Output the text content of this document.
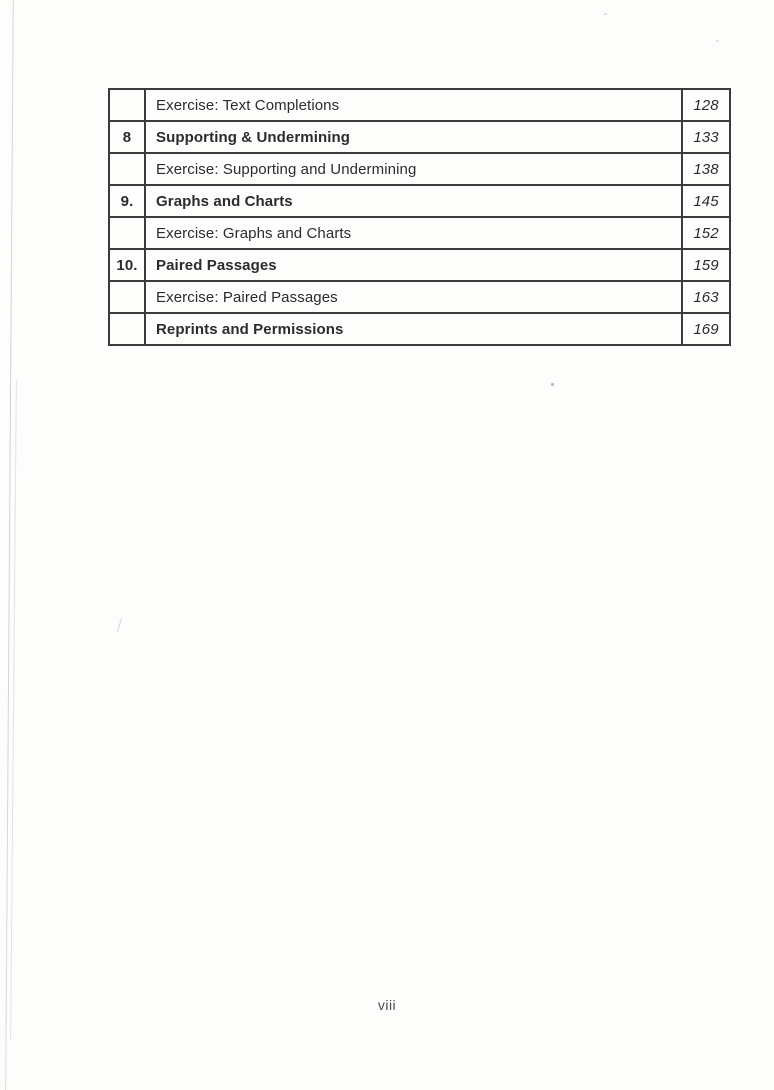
	Exercise: Text Completions	128
8	Supporting & Undermining	133
	Exercise: Supporting and Undermining	138
9.	Graphs and Charts	145
	Exercise: Graphs and Charts	152
10.	Paired Passages	159
	Exercise: Paired Passages	163
	Reprints and Permissions	169
viii
